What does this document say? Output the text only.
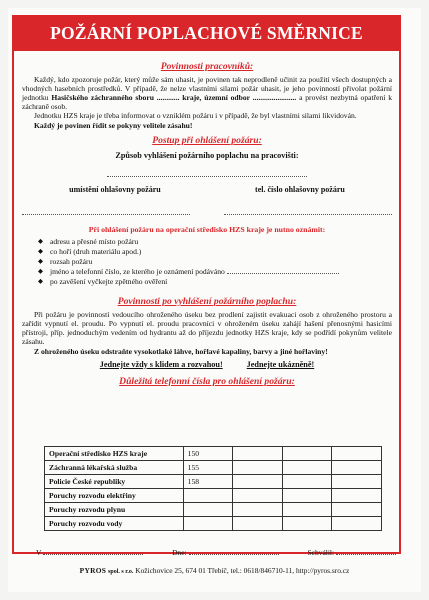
POŽÁRNÍ POPLACHOVÉ SMĚRNICE
Povinnosti pracovníků:

Každý, kdo zpozoruje požár, který může sám uhasit, je povinen tak neprodleně učinit za použití všech dostupných a vhodných hasebních prostředků. V případě, že nelze vlastními silami požár uhasit, je jeho povinností přivolat požární jednotku Hasičského záchranného sboru ............ kraje, územní odbor ....................... a provést nezbytná opatření k záchraně osob.

Jednotku HZS kraje je třeba informovat o vzniklém požáru i v případě, že byl vlastními silami likvidován.

Každý je povinen řídit se pokyny velitele zásahu!

Postup při ohlášení požáru:
Způsob vyhlášení požárního poplachu na pracovišti:
umístění ohlašovny požáru	tel. číslo ohlašovny požáru
Při ohlášení požáru na operační středisko HZS kraje je nutno oznámit:
◆ adresu a přesné místo požáru
◆ co hoří (druh materiálu apod.)
◆ rozsah požáru
◆ jméno a telefonní číslo, ze kterého je oznámení podáváno
◆ po zavěšení vyčkejte zpětného ověření
Povinnosti po vyhlášení požárního poplachu:

Při požáru je povinností vedoucího ohroženého úseku bez prodlení zajistit evakuaci osob z ohroženého prostoru a zařídit vypnutí el. proudu. Po vypnutí el. proudu pracovníci v ohroženém úseku zahájí hašení přenosnými hasicími přístroji, příp. jednoduchým vedením od hydrantu až do příjezdu jednotky HZS kraje, kdy se podřídí pokynům velitele zásahu.

Z ohroženého úseku odstraňte vysokotlaké láhve, hořlavé kapaliny, barvy a jiné hořlaviny!

Jednejte vždy s klidem a rozvahou!	Jednejte ukázněně!
Důležitá telefonní čísla pro ohlášení požáru:
Operační středisko HZS kraje	150			
Záchranná lékařská služba	155			
Policie České republiky	158			
Poruchy rozvodu elektřiny				
Poruchy rozvodu plynu				
Poruchy rozvodu vody				
V	Dne:	Schválil:
PYROS spol. s r.o. Kožichovice 25, 674 01 Třebíč, tel.: 0618/846710-11, http://pyros.sro.cz
